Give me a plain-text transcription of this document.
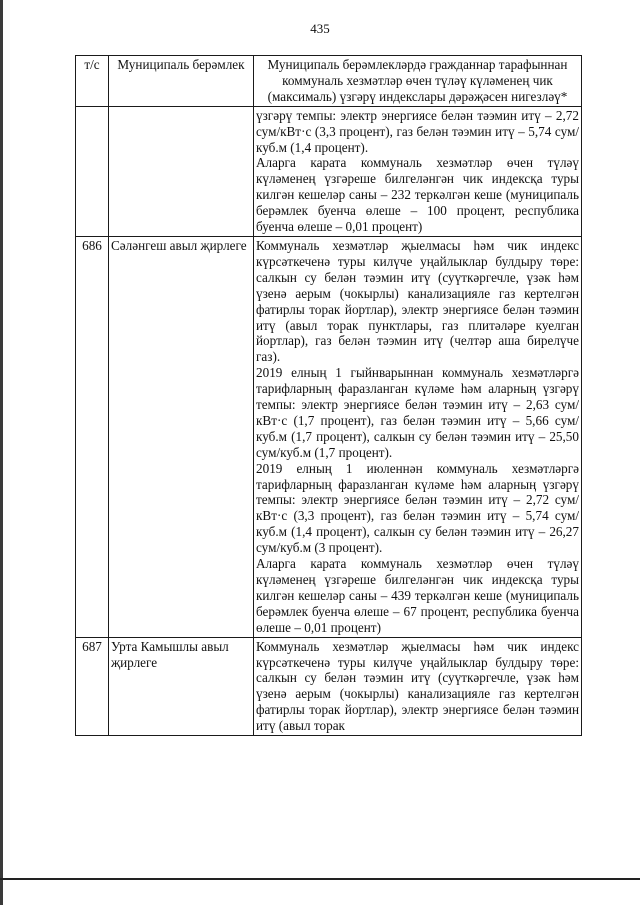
435
т/с	Муниципаль берәмлек	Муниципаль берәмлекләрдә гражданнар тарафыннан коммуналь хезмәтләр өчен түләү күләменең чик (максималь) үзгәрү индекслары дәрәҗәсен нигезләү*

		үзгәрү темпы: электр энергиясе белән тәэмин итү – 2,72 сум/кВт·с (3,3 процент), газ белән тәэмин итү – 5,74 сум/куб.м (1,4 процент).

Аларга карата коммуналь хезмәтләр өчен түләү күләменең үзгәреше билгеләнгән чик индексқа туры килгән кешеләр саны – 232 теркәлгән кеше (муниципаль берәмлек буенча өлеше – 100 процент, республика буенча өлеше – 0,01 процент)

686	Сәләнгеш авыл җирлеге	Коммуналь хезмәтләр җыелмасы һәм чик индекс күрсәткеченә туры килүче уңайлыклар булдыру төре: салкын су белән тәэмин итү (суүткәргечле, үзәк һәм үзенә аерым (чокырлы) канализацияле газ кертелгән фатирлы торак йортлар), электр энергиясе белән тәэмин итү (авыл торак пунктлары, газ плитәләре куелган йортлар), газ белән тәэмин итү (челтәр аша бирелүче газ).

2019 елның 1 гыйнварыннан коммуналь хезмәтләргә тарифларның фаразланган күләме һәм аларның үзгәрү темпы: электр энергиясе белән тәэмин итү – 2,63 сум/кВт·с (1,7 процент), газ белән тәэмин итү – 5,66 сум/куб.м (1,7 процент), салкын су белән тәэмин итү – 25,50 сум/куб.м (1,7 процент).

2019 елның 1 июленнән коммуналь хезмәтләргә тарифларның фаразланган күләме һәм аларның үзгәрү темпы: электр энергиясе белән тәэмин итү – 2,72 сум/кВт·с (3,3 процент), газ белән тәэмин итү – 5,74 сум/куб.м (1,4 процент), салкын су белән тәэмин итү – 26,27 сум/куб.м (3 процент).

Аларга карата коммуналь хезмәтләр өчен түләү күләменең үзгәреше билгеләнгән чик индексқа туры килгән кешеләр саны – 439 теркәлгән кеше (муниципаль берәмлек буенча өлеше – 67 процент, республика буенча өлеше – 0,01 процент)

687	Урта Камышлы авыл җирлеге	Коммуналь хезмәтләр җыелмасы һәм чик индекс күрсәткеченә туры килүче уңайлыклар булдыру төре: салкын су белән тәэмин итү (суүткәргечле, үзәк һәм үзенә аерым (чокырлы) канализацияле газ кертелгән фатирлы торак йортлар), электр энергиясе белән тәэмин итү (авыл торак
